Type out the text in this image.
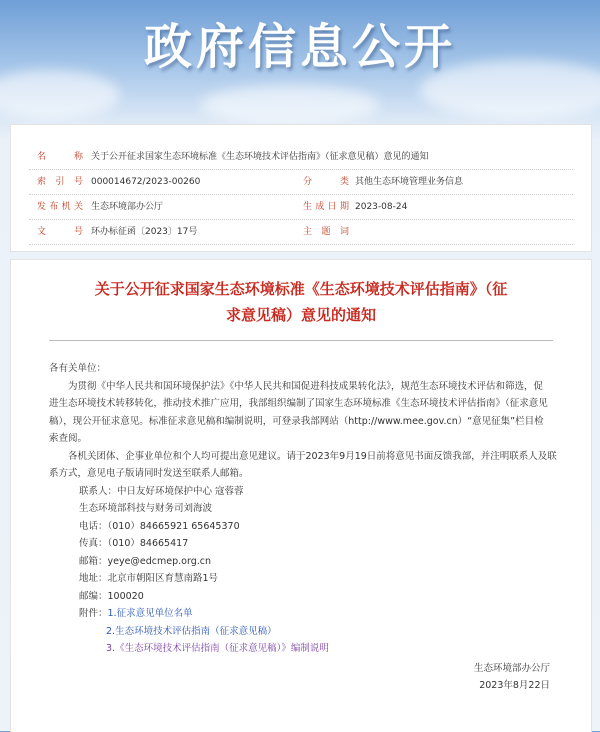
政府信息公开
名 称 关于公开征求国家生态环境标准《生态环境技术评估指南》（征求意见稿）意见的通知
索 引 号 000014672/2023-00260	分 类 其他生态环境管理业务信息
发布机关 生态环境部办公厅	生成日期 2023-08-24
文 号 环办标征函〔2023〕17号	主 题 词
关于公开征求国家生态环境标准《生态环境技术评估指南》（征
求意见稿）意见的通知

各有关单位：

为贯彻《中华人民共和国环境保护法》《中华人民共和国促进科技成果转化法》，规范生态环境技术评估和筛选，促

进生态环境技术转移转化，推动技术推广应用，我部组织编制了国家生态环境标准《生态环境技术评估指南》（征求意见

稿），现公开征求意见。标准征求意见稿和编制说明，可登录我部网站（http://www.mee.gov.cn）“意见征集”栏目检

索查阅。

各机关团体、企事业单位和个人均可提出意见建议。请于2023年9月19日前将意见书面反馈我部，并注明联系人及联

系方式，意见电子版请同时发送至联系人邮箱。

联系人：中日友好环境保护中心 寇蓉蓉

生态环境部科技与财务司刘海波

电话：（010）84665921 65645370

传真：（010）84665417

邮箱：yeye@edcmep.org.cn

地址：北京市朝阳区育慧南路1号

邮编：100020

附件：1.征求意见单位名单

2.生态环境技术评估指南（征求意见稿）

3.《生态环境技术评估指南（征求意见稿）》编制说明

生态环境部办公厅

2023年8月22日
